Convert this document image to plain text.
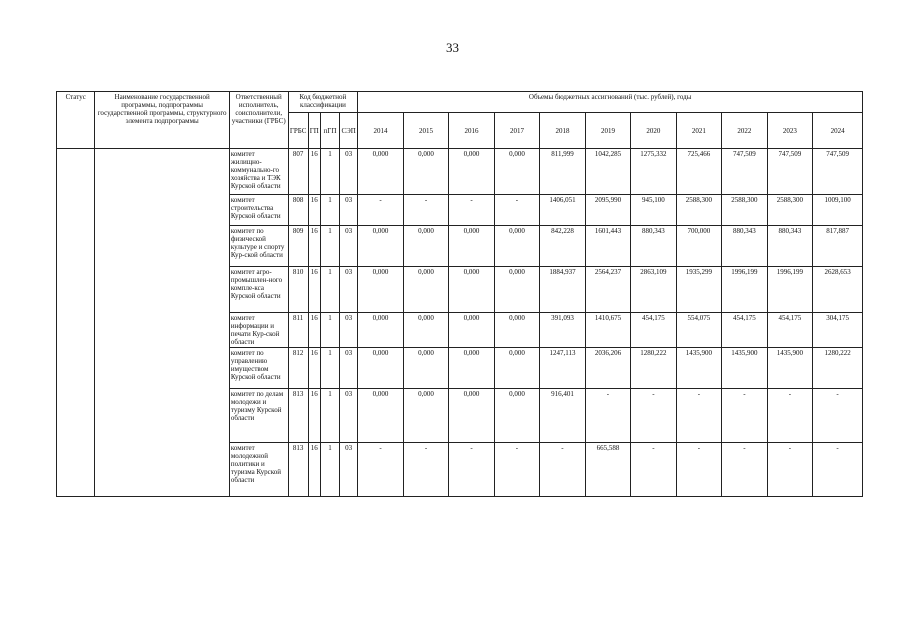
33
Статус	Наименование государственной программы, подпрограммы государственной программы, структурного элемента подпрограммы	Ответственный исполнитель, соисполнители, участники (ГРБС)	Код бюджетной классификации				Объемы бюджетных ассигнований (тыс. рублей), годы										
			ГРБС	ГП	пГП	СЭП	2014	2015	2016	2017	2018	2019	2020	2021	2022	2023	2024
		комитет жилищно-коммунально-го хозяйства и ТЭК Курской области	807	16	1	03	0,000	0,000	0,000	0,000	811,999	1042,285	1275,332	725,466	747,509	747,509	747,509
		комитет строительства Курской области	808	16	1	03	-	-	-	-	1406,051	2095,990	945,100	2588,300	2588,300	2588,300	1009,100
		комитет по физической культуре и спорту Кур-ской области	809	16	1	03	0,000	0,000	0,000	0,000	842,228	1601,443	880,343	700,000	880,343	880,343	817,887
		комитет агро-промышлен-ного компле-кса Курской области	810	16	1	03	0,000	0,000	0,000	0,000	1884,937	2564,237	2863,109	1935,299	1996,199	1996,199	2628,653
		комитет информации и печати Кур-ской области	811	16	1	03	0,000	0,000	0,000	0,000	391,093	1410,675	454,175	554,075	454,175	454,175	304,175
		комитет по управлению имуществом Курской области	812	16	1	03	0,000	0,000	0,000	0,000	1247,113	2036,206	1280,222	1435,900	1435,900	1435,900	1280,222
		комитет по делам молодежи и туризму Курской области	813	16	1	03	0,000	0,000	0,000	0,000	916,401	-	-	-	-	-	-
		комитет молодежной политики и туризма Курской области	813	16	1	03	-	-	-	-	-	665,588	-	-	-	-	-
